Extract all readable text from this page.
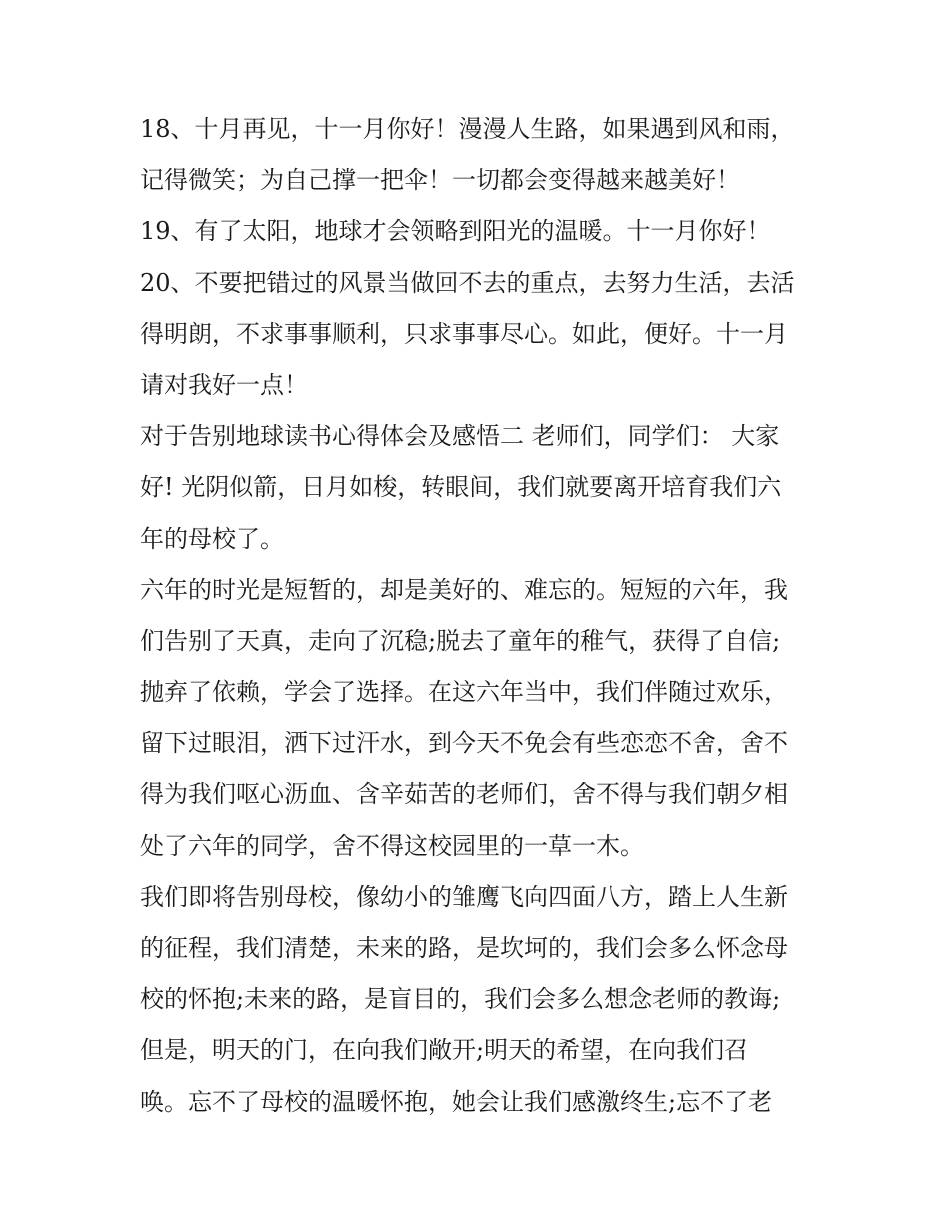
18、十月再见，十一月你好！漫漫人生路，如果遇到风和雨，
记得微笑；为自己撑一把伞！一切都会变得越来越美好！
19、有了太阳，地球才会领略到阳光的温暖。十一月你好！
20、不要把错过的风景当做回不去的重点，去努力生活，去活
得明朗，不求事事顺利，只求事事尽心。如此，便好。十一月
请对我好一点！
对于告别地球读书心得体会及感悟二 老师们，同学们： 大家
好! 光阴似箭，日月如梭，转眼间，我们就要离开培育我们六
年的母校了。
六年的时光是短暂的，却是美好的、难忘的。短短的六年，我
们告别了天真，走向了沉稳;脱去了童年的稚气，获得了自信;
抛弃了依赖，学会了选择。在这六年当中，我们伴随过欢乐，
留下过眼泪，洒下过汗水，到今天不免会有些恋恋不舍，舍不
得为我们呕心沥血、含辛茹苦的老师们，舍不得与我们朝夕相
处了六年的同学，舍不得这校园里的一草一木。
我们即将告别母校，像幼小的雏鹰飞向四面八方，踏上人生新
的征程，我们清楚，未来的路，是坎坷的，我们会多么怀念母
校的怀抱;未来的路，是盲目的，我们会多么想念老师的教诲;
但是，明天的门，在向我们敞开;明天的希望，在向我们召
唤。忘不了母校的温暖怀抱，她会让我们感激终生;忘不了老
